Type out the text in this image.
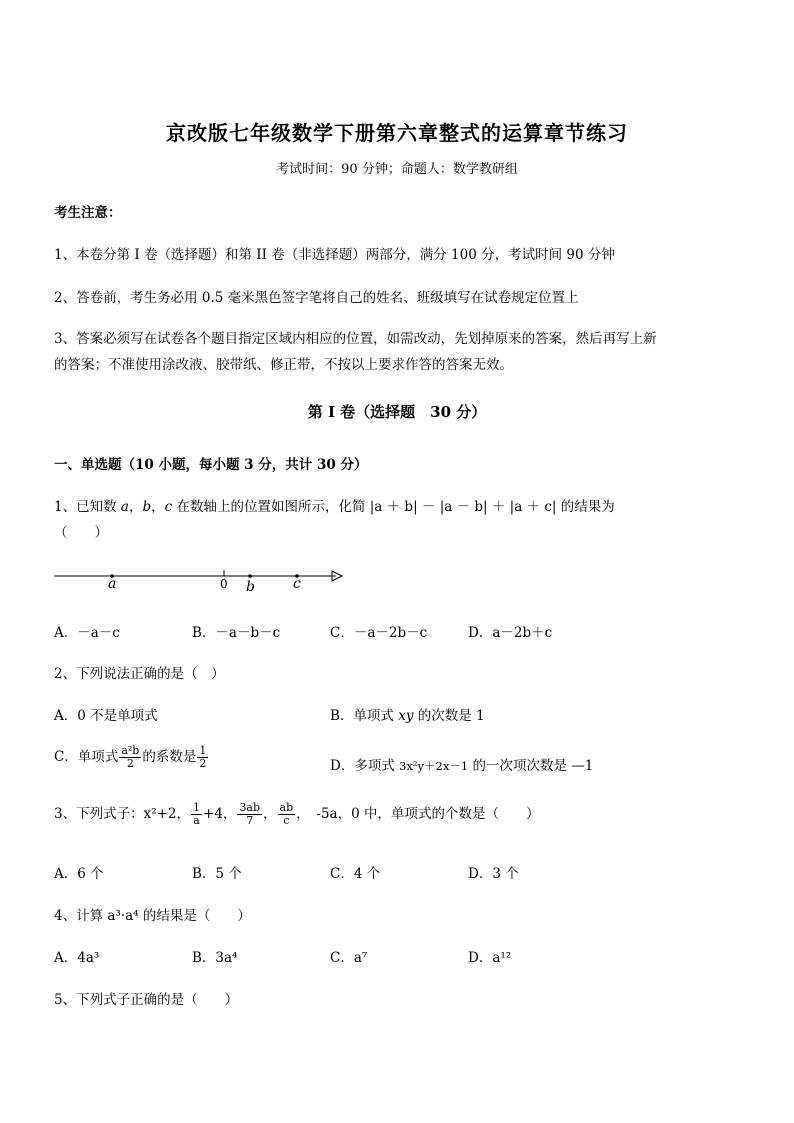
京改版七年级数学下册第六章整式的运算章节练习
考试时间：90 分钟；命题人：数学教研组
考生注意：
1、本卷分第 I 卷（选择题）和第 II 卷（非选择题）两部分，满分 100 分，考试时间 90 分钟
2、答卷前，考生务必用 0.5 毫米黑色签字笔将自己的姓名、班级填写在试卷规定位置上
3、答案必须写在试卷各个题目指定区域内相应的位置，如需改动，先划掉原来的答案，然后再写上新
的答案；不准使用涂改液、胶带纸、修正带，不按以上要求作答的答案无效。
第 I 卷（选择题　30 分）
一、单选题（10 小题，每小题 3 分，共计 30 分）
1、已知数 a，b，c 在数轴上的位置如图所示，化简 |a ＋ b| － |a － b| ＋ |a ＋ c| 的结果为
（　　）
a	0 b	c
A．－a－c	B．－a－b－c	C．－a－2b－c	D．a－2b＋c
2、下列说法正确的是（　）
A．0 不是单项式	B．单项式 xy 的次数是 1
C．单项式 $\frac{\text{a²b}}{2}$ 的系数是 $\frac{1}{2}$	D．多项式 3x²y＋2x－1 的一次项次数是 —1
3、下列式子：x²+2， $\frac{1}{a} +4$， $\frac{3ab}{7}$ ， $\frac{ab}{c}$ ，　-5a，0 中，单项式的个数是（　　）
A．6 个	B．5 个	C．4 个	D．3 个
4、计算 a³·a⁴ 的结果是（　　）
A．4a³	B．3a⁴	C．a⁷	D．a¹²
5、下列式子正确的是（　　）
